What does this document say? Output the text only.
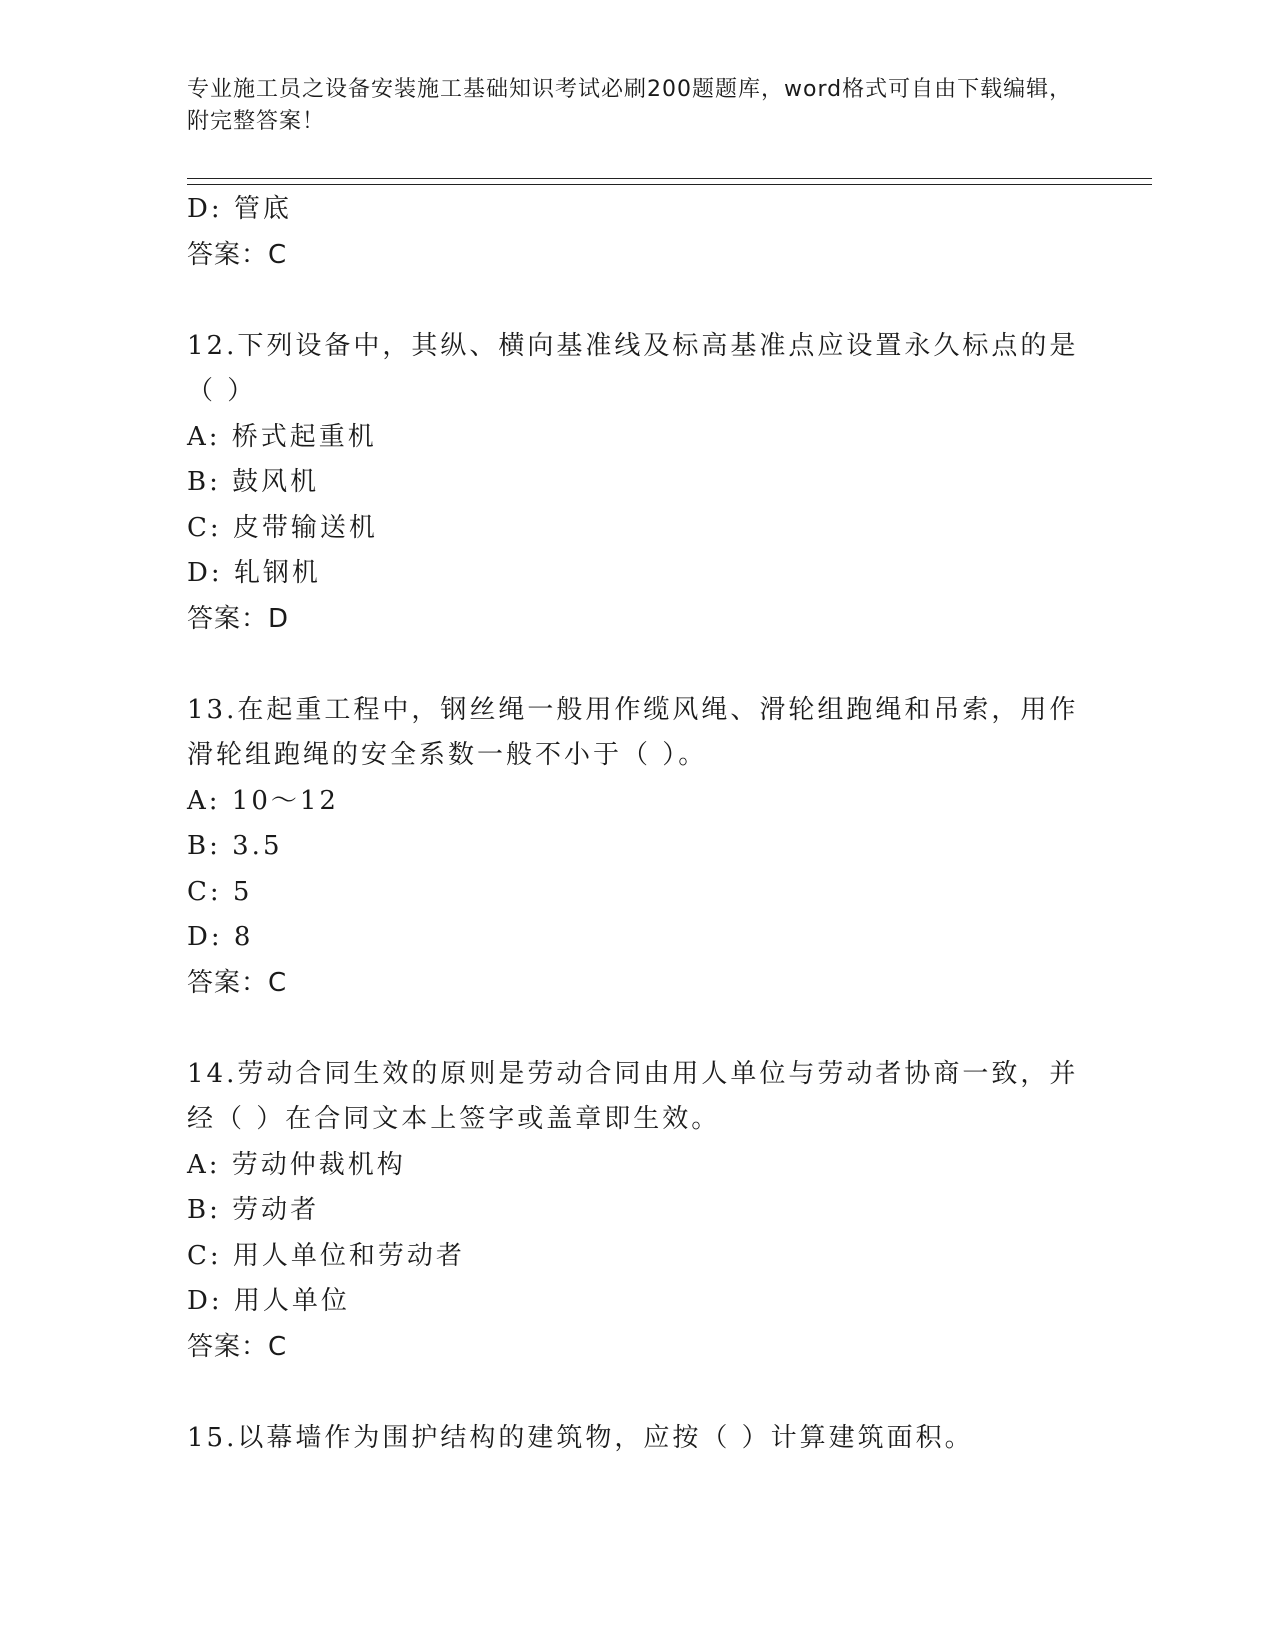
专业施工员之设备安装施工基础知识考试必刷200题题库，word格式可自由下载编辑，附完整答案！
D: 管底
答案：C
12.下列设备中，其纵、横向基准线及标高基准点应设置永久标点的是
（ ）
A: 桥式起重机
B: 鼓风机
C: 皮带输送机
D: 轧钢机
答案：D
13.在起重工程中，钢丝绳一般用作缆风绳、滑轮组跑绳和吊索，用作
滑轮组跑绳的安全系数一般不小于（ ）。
A: 10～12
B: 3.5
C: 5
D: 8
答案：C
14.劳动合同生效的原则是劳动合同由用人单位与劳动者协商一致，并
经（ ）在合同文本上签字或盖章即生效。
A: 劳动仲裁机构
B: 劳动者
C: 用人单位和劳动者
D: 用人单位
答案：C
15.以幕墙作为围护结构的建筑物，应按（ ）计算建筑面积。
